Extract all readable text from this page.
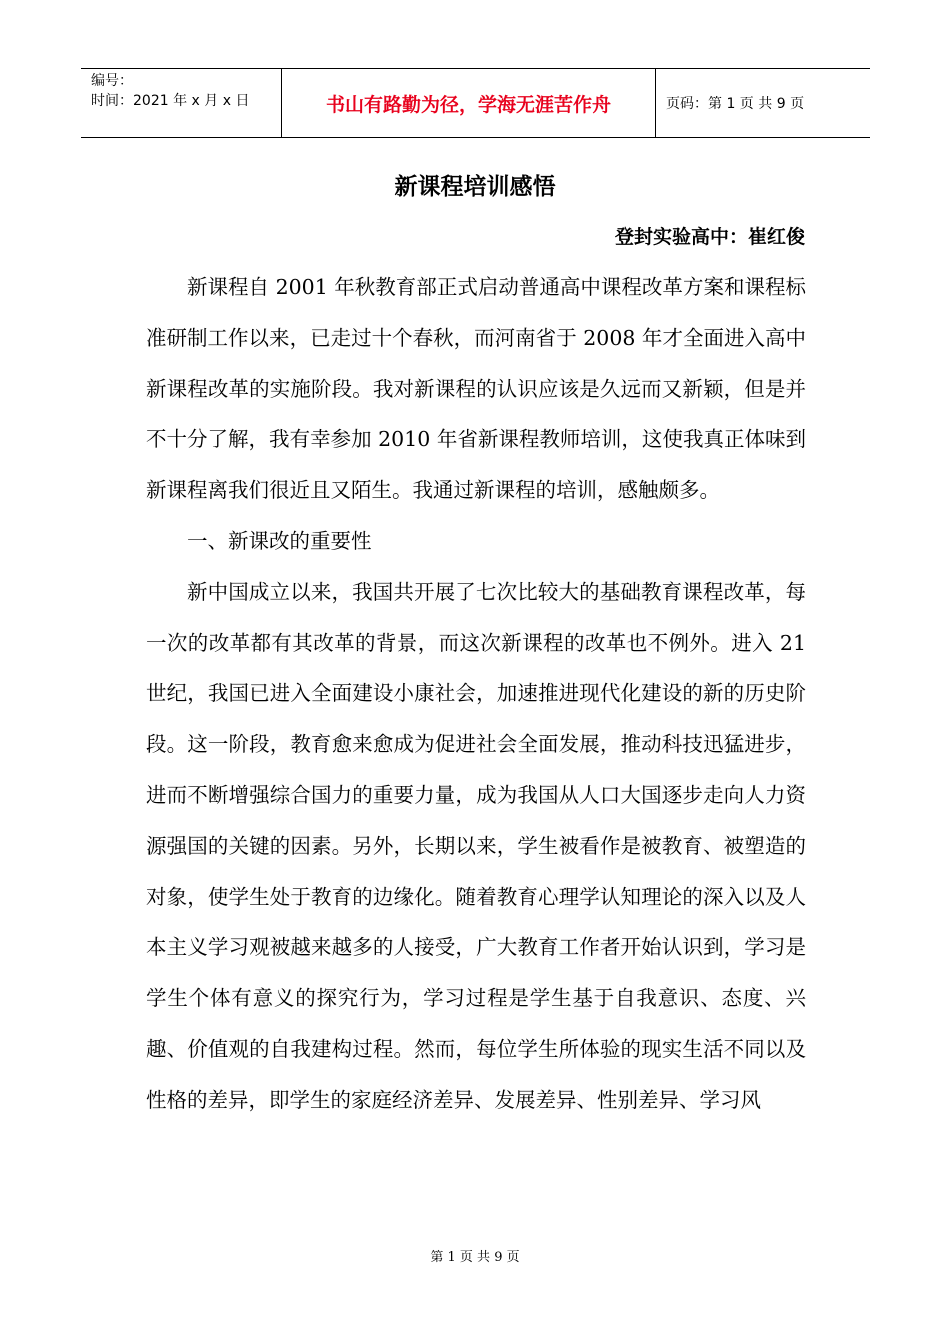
编号：
时间：2021 年 x 月 x 日	书山有路勤为径，学海无涯苦作舟	页码：第 1 页 共 9 页
新课程培训感悟
登封实验高中：崔红俊

新课程自 2001 年秋教育部正式启动普通高中课程改革方案和课程标准研制工作以来，已走过十个春秋，而河南省于 2008 年才全面进入高中新课程改革的实施阶段。我对新课程的认识应该是久远而又新颖，但是并不十分了解，我有幸参加 2010 年省新课程教师培训，这使我真正体味到新课程离我们很近且又陌生。我通过新课程的培训，感触颇多。

一、新课改的重要性

新中国成立以来，我国共开展了七次比较大的基础教育课程改革，每一次的改革都有其改革的背景，而这次新课程的改革也不例外。进入 21 世纪，我国已进入全面建设小康社会，加速推进现代化建设的新的历史阶段。这一阶段，教育愈来愈成为促进社会全面发展，推动科技迅猛进步，进而不断增强综合国力的重要力量，成为我国从人口大国逐步走向人力资源强国的关键的因素。另外，长期以来，学生被看作是被教育、被塑造的对象，使学生处于教育的边缘化。随着教育心理学认知理论的深入以及人本主义学习观被越来越多的人接受，广大教育工作者开始认识到，学习是学生个体有意义的探究行为，学习过程是学生基于自我意识、态度、兴趣、价值观的自我建构过程。然而，每位学生所体验的现实生活不同以及性格的差异，即学生的家庭经济差异、发展差异、性别差异、学习风

第 1 页 共 9 页
